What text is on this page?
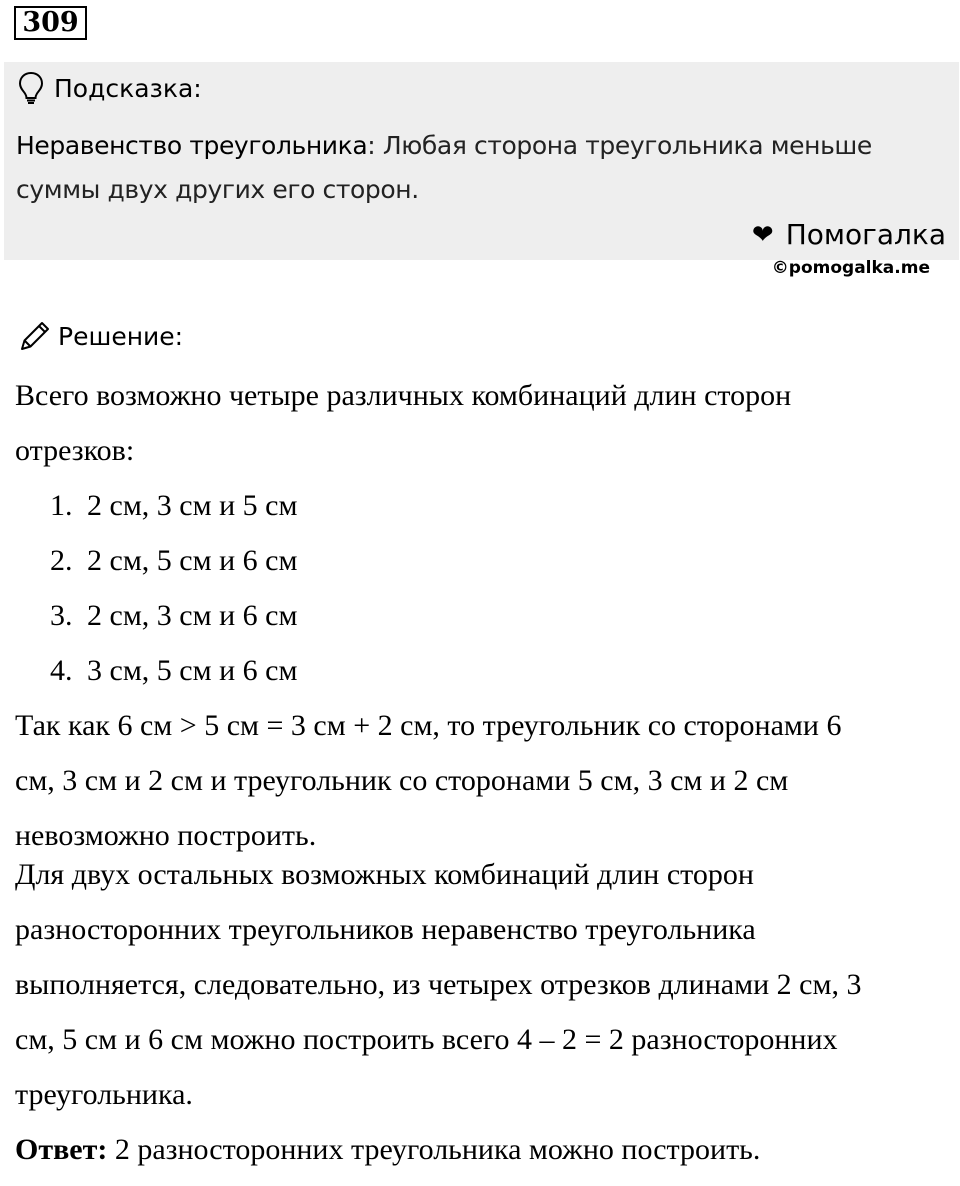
309
Подсказка:
Неравенство треугольника: Любая сторона треугольника меньше суммы двух других его сторон.
❤ Помогалка
©pomogalka.me
Решение:
Всего возможно четыре различных комбинаций длин сторон
отрезков:
1. 2 см, 3 см и 5 см
2. 2 см, 5 см и 6 см
3. 2 см, 3 см и 6 см
4. 3 см, 5 см и 6 см
Так как 6 см > 5 см = 3 см + 2 см, то треугольник со сторонами 6
см, 3 см и 2 см и треугольник со сторонами 5 см, 3 см и 2 см
невозможно построить.
Для двух остальных возможных комбинаций длин сторон
разносторонних треугольников неравенство треугольника
выполняется, следовательно, из четырех отрезков длинами 2 см, 3
см, 5 см и 6 см можно построить всего 4 – 2 = 2 разносторонних
треугольника.
Ответ: 2 разносторонних треугольника можно построить.
